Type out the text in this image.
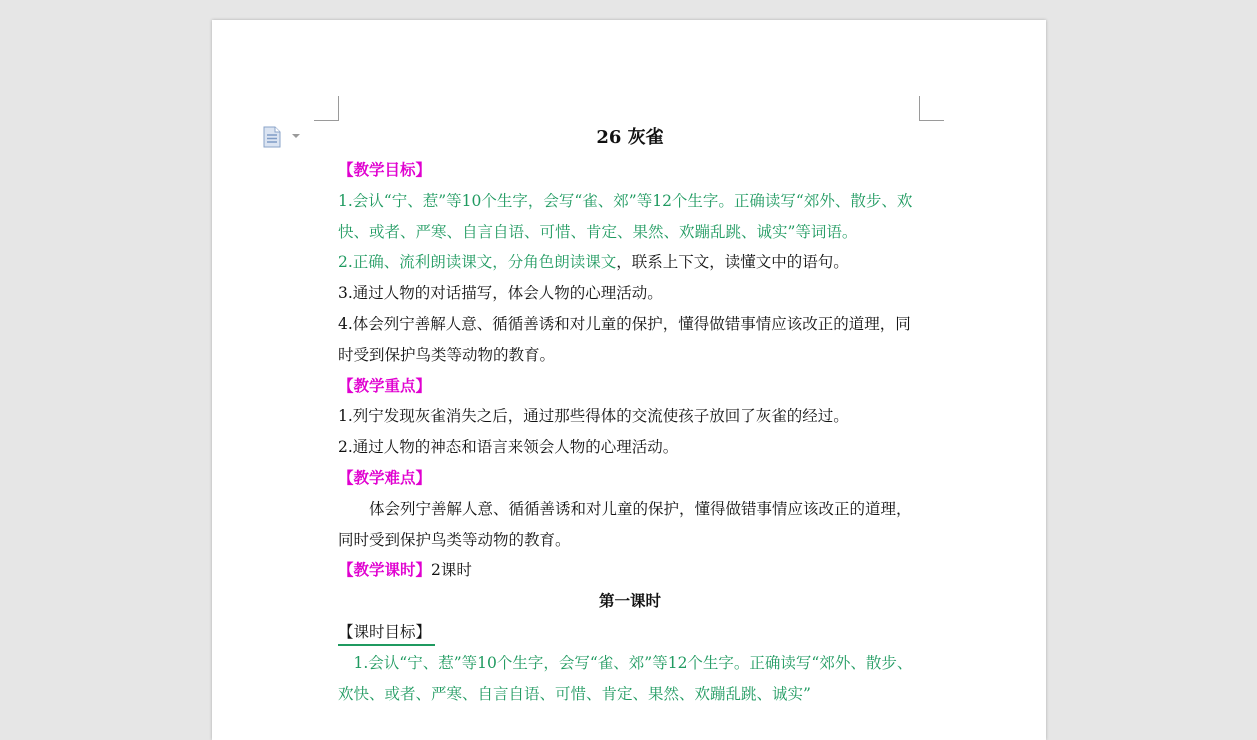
26 灰雀

【教学目标】

1.会认“宁、惹”等10个生字，会写“雀、郊”等12个生字。正确读写“郊外、散步、欢快、或者、严寒、自言自语、可惜、肯定、果然、欢蹦乱跳、诚实”等词语。

2.正确、流利朗读课文，分角色朗读课文，联系上下文，读懂文中的语句。

3.通过人物的对话描写，体会人物的心理活动。

4.体会列宁善解人意、循循善诱和对儿童的保护，懂得做错事情应该改正的道理，同时受到保护鸟类等动物的教育。

【教学重点】

1.列宁发现灰雀消失之后，通过那些得体的交流使孩子放回了灰雀的经过。

2.通过人物的神态和语言来领会人物的心理活动。

【教学难点】

体会列宁善解人意、循循善诱和对儿童的保护，懂得做错事情应该改正的道理，同时受到保护鸟类等动物的教育。

【教学课时】2课时

第一课时

【课时目标】

1.会认“宁、惹”等10个生字，会写“雀、郊”等12个生字。正确读写“郊外、散步、欢快、或者、严寒、自言自语、可惜、肯定、果然、欢蹦乱跳、诚实”
